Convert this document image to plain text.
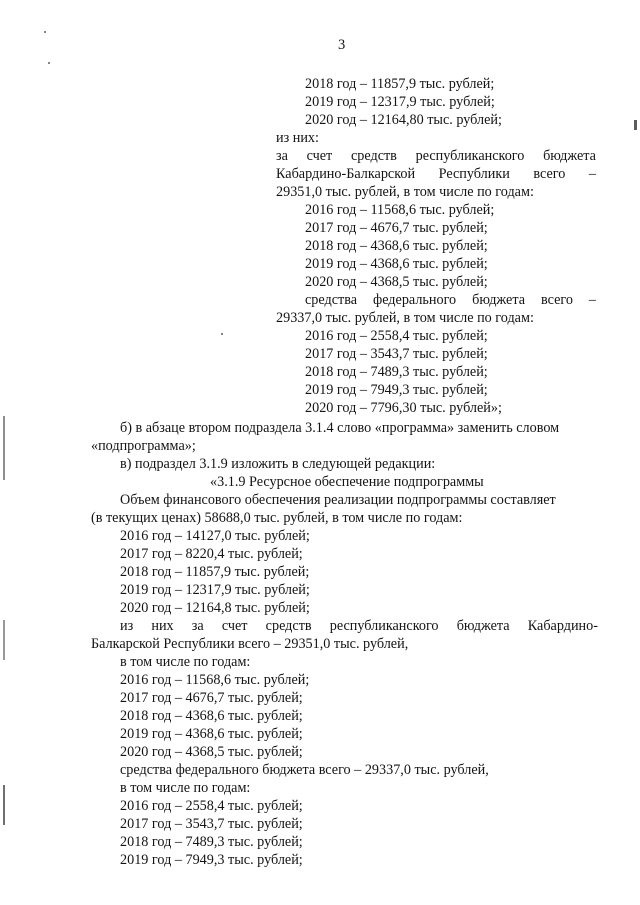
3
2018 год – 11857,9 тыс. рублей;
2019 год – 12317,9 тыс. рублей;
2020 год – 12164,80 тыс. рублей;
из них:
за счет средств республиканского бюджета
Кабардино-Балкарской Республики всего –
29351,0 тыс. рублей, в том числе по годам:
2016 год – 11568,6 тыс. рублей;
2017 год – 4676,7 тыс. рублей;
2018 год – 4368,6 тыс. рублей;
2019 год – 4368,6 тыс. рублей;
2020 год – 4368,5 тыс. рублей;
средства федерального бюджета всего –
29337,0 тыс. рублей, в том числе по годам:
2016 год – 2558,4 тыс. рублей;
2017 год – 3543,7 тыс. рублей;
2018 год – 7489,3 тыс. рублей;
2019 год – 7949,3 тыс. рублей;
2020 год – 7796,30 тыс. рублей»;
б) в абзаце втором подраздела 3.1.4 слово «программа» заменить словом
«подпрограмма»;
в) подраздел 3.1.9 изложить в следующей редакции:
«3.1.9 Ресурсное обеспечение подпрограммы
Объем финансового обеспечения реализации подпрограммы составляет
(в текущих ценах) 58688,0 тыс. рублей, в том числе по годам:
2016 год – 14127,0 тыс. рублей;
2017 год – 8220,4 тыс. рублей;
2018 год – 11857,9 тыс. рублей;
2019 год – 12317,9 тыс. рублей;
2020 год – 12164,8 тыс. рублей;
из них за счет средств республиканского бюджета Кабардино-
Балкарской Республики всего – 29351,0 тыс. рублей,
в том числе по годам:
2016 год – 11568,6 тыс. рублей;
2017 год – 4676,7 тыс. рублей;
2018 год – 4368,6 тыс. рублей;
2019 год – 4368,6 тыс. рублей;
2020 год – 4368,5 тыс. рублей;
средства федерального бюджета всего – 29337,0 тыс. рублей,
в том числе по годам:
2016 год – 2558,4 тыс. рублей;
2017 год – 3543,7 тыс. рублей;
2018 год – 7489,3 тыс. рублей;
2019 год – 7949,3 тыс. рублей;
